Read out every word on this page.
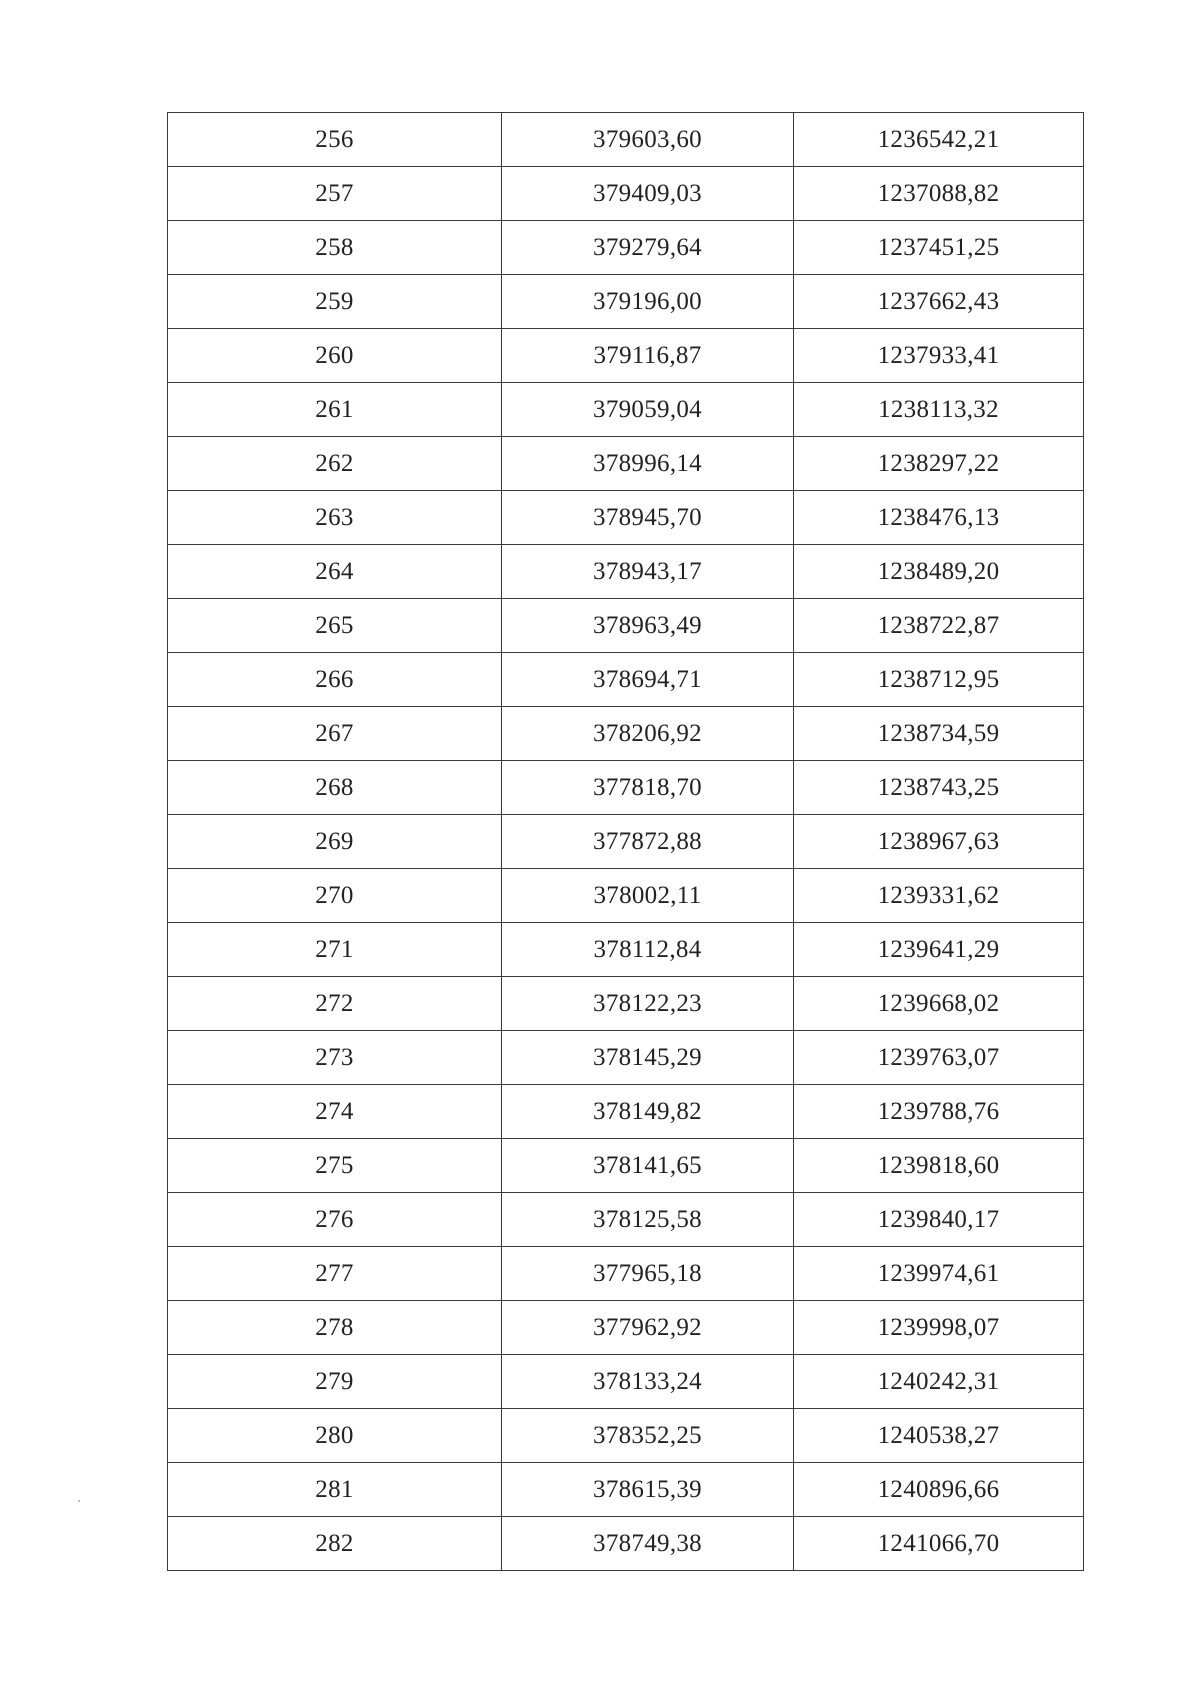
256	379603,60	1236542,21
257	379409,03	1237088,82
258	379279,64	1237451,25
259	379196,00	1237662,43
260	379116,87	1237933,41
261	379059,04	1238113,32
262	378996,14	1238297,22
263	378945,70	1238476,13
264	378943,17	1238489,20
265	378963,49	1238722,87
266	378694,71	1238712,95
267	378206,92	1238734,59
268	377818,70	1238743,25
269	377872,88	1238967,63
270	378002,11	1239331,62
271	378112,84	1239641,29
272	378122,23	1239668,02
273	378145,29	1239763,07
274	378149,82	1239788,76
275	378141,65	1239818,60
276	378125,58	1239840,17
277	377965,18	1239974,61
278	377962,92	1239998,07
279	378133,24	1240242,31
280	378352,25	1240538,27
281	378615,39	1240896,66
282	378749,38	1241066,70
